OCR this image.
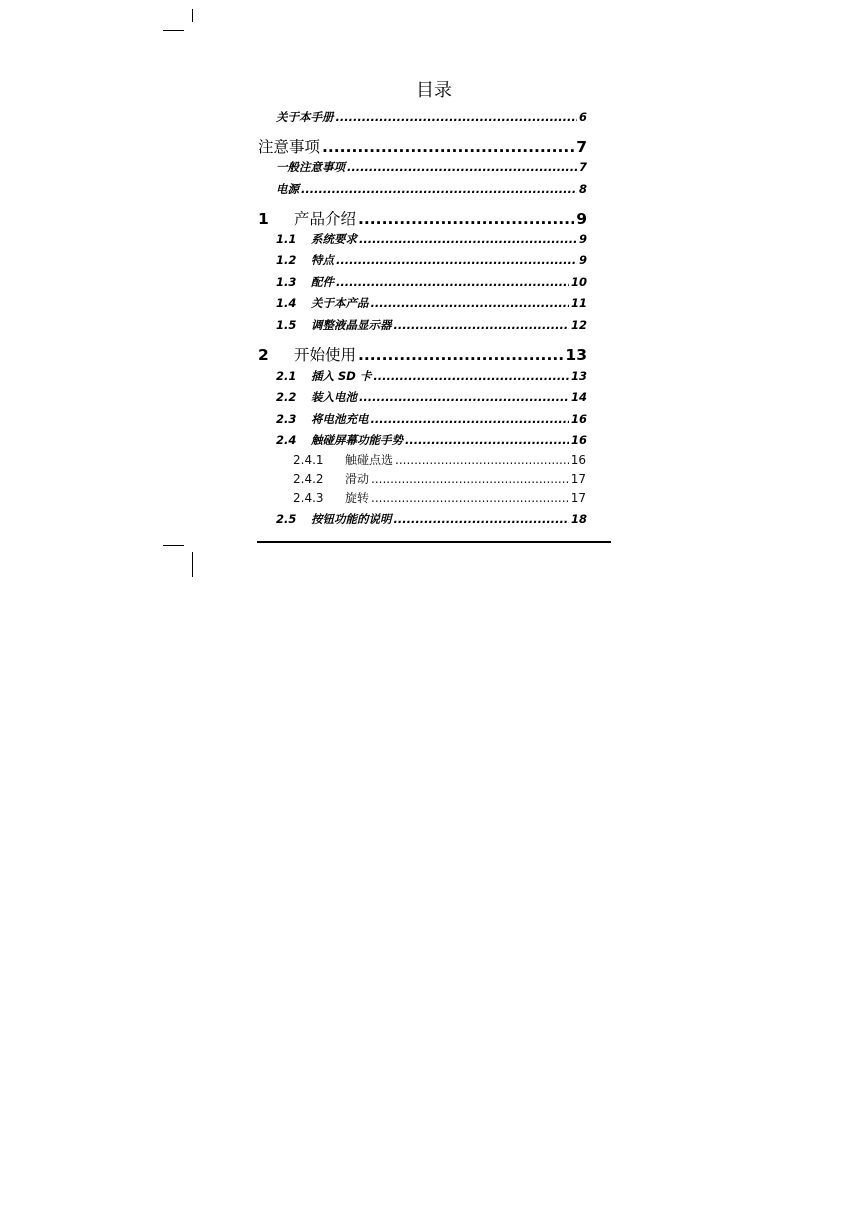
目录
关于本手册 .....	6
注意事项 .....	7
一般注意事项 .....	7
电源 .....	8
1	产品介绍 .....	9
1.1	系统要求 .....	9
1.2	特点 .....	9
1.3	配件 .....	10
1.4	关于本产品 .....	11
1.5	调整液晶显示器 .....	12
2	开始使用 .....	13
2.1	插入 SD 卡 .....	13
2.2	装入电池 .....	14
2.3	将电池充电 .....	16
2.4	触碰屏幕功能手势 .....	16
2.4.1	触碰点选 .....	16
2.4.2	滑动 .....	17
2.4.3	旋转 .....	17
2.5	按钮功能的说明 .....	18
